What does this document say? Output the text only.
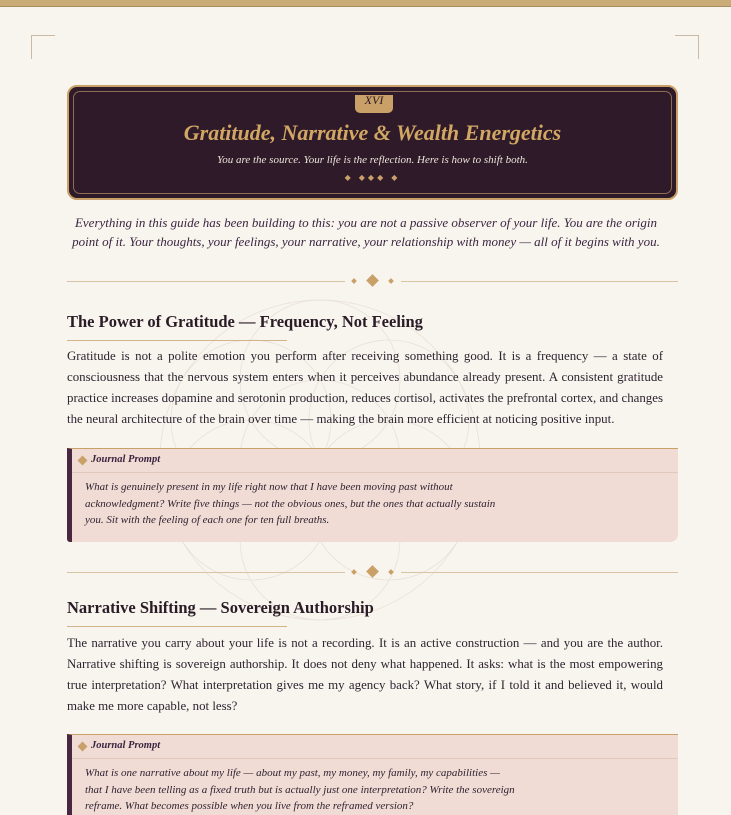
XVI
Gratitude, Narrative & Wealth Energetics
You are the source. Your life is the reflection. Here is how to shift both.
◆ ◆◆◆ ◆

Everything in this guide has been building to this: you are not a passive observer of your life. You are the origin point of it. Your thoughts, your feelings, your narrative, your relationship with money — all of it begins with you.

The Power of Gratitude — Frequency, Not Feeling

Gratitude is not a polite emotion you perform after receiving something good. It is a frequency — a state of consciousness that the nervous system enters when it perceives abundance already present. A consistent gratitude practice increases dopamine and serotonin production, reduces cortisol, activates the prefrontal cortex, and changes the neural architecture of the brain over time — making the brain more efficient at noticing positive input.

Journal Prompt
What is genuinely present in my life right now that I have been moving past without acknowledgment? Write five things — not the obvious ones, but the ones that actually sustain you. Sit with the feeling of each one for ten full breaths.
Narrative Shifting — Sovereign Authorship

The narrative you carry about your life is not a recording. It is an active construction — and you are the author. Narrative shifting is sovereign authorship. It does not deny what happened. It asks: what is the most empowering true interpretation? What interpretation gives me my agency back? What story, if I told it and believed it, would make me more capable, not less?

Journal Prompt
What is one narrative about my life — about my past, my money, my family, my capabilities — that I have been telling as a fixed truth but is actually just one interpretation? Write the sovereign reframe. What becomes possible when you live from the reframed version?
